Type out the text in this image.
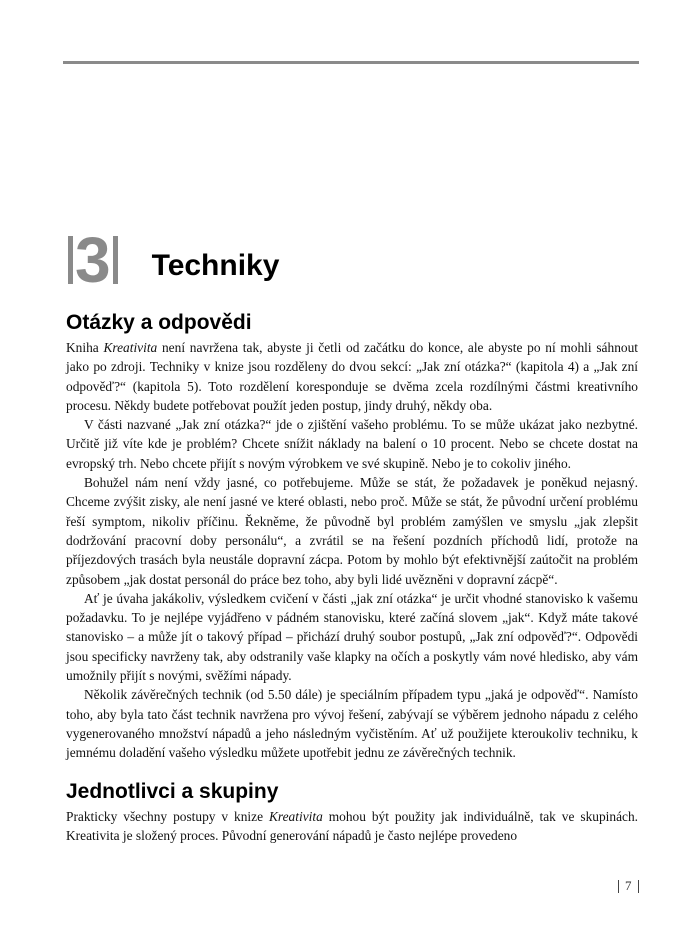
3 Techniky
Otázky a odpovědi

Kniha Kreativita není navržena tak, abyste ji četli od začátku do konce, ale abyste po ní mohli sáhnout jako po zdroji. Techniky v knize jsou rozděleny do dvou sekcí: „Jak zní otázka?“ (kapitola 4) a „Jak zní odpověď?“ (kapitola 5). Toto rozdělení koresponduje se dvěma zcela rozdílnými částmi kreativního procesu. Někdy budete potřebovat použít jeden postup, jindy druhý, někdy oba.

V části nazvané „Jak zní otázka?“ jde o zjištění vašeho problému. To se může ukázat jako nezbytné. Určitě již víte kde je problém? Chcete snížit náklady na balení o 10 procent. Nebo se chcete dostat na evropský trh. Nebo chcete přijít s novým výrobkem ve své skupině. Nebo je to cokoliv jiného.

Bohužel nám není vždy jasné, co potřebujeme. Může se stát, že požadavek je poněkud nejasný. Chceme zvýšit zisky, ale není jasné ve které oblasti, nebo proč. Může se stát, že původní určení problému řeší symptom, nikoliv příčinu. Řekněme, že původně byl problém zamýšlen ve smyslu „jak zlepšit dodržování pracovní doby personálu“, a zvrátil se na řešení pozdních příchodů lidí, protože na příjezdových trasách byla neustále dopravní zácpa. Potom by mohlo být efektivnější zaútočit na problém způsobem „jak dostat personál do práce bez toho, aby byli lidé uvězněni v dopravní zácpě“.

Ať je úvaha jakákoliv, výsledkem cvičení v části „jak zní otázka“ je určit vhodné stanovisko k vašemu požadavku. To je nejlépe vyjádřeno v pádném stanovisku, které začíná slovem „jak“. Když máte takové stanovisko – a může jít o takový případ – přichází druhý soubor postupů, „Jak zní odpověď?“. Odpovědi jsou specificky navrženy tak, aby odstranily vaše klapky na očích a poskytly vám nové hledisko, aby vám umožnily přijít s novými, svěžími nápady.

Několik závěrečných technik (od 5.50 dále) je speciálním případem typu „jaká je odpověď“. Namísto toho, aby byla tato část technik navržena pro vývoj řešení, zabývají se výběrem jednoho nápadu z celého vygenerovaného množství nápadů a jeho následným vyčistěním. Ať už použijete kteroukoliv techniku, k jemnému doladění vašeho výsledku můžete upotřebit jednu ze závěrečných technik.

Jednotlivci a skupiny

Prakticky všechny postupy v knize Kreativita mohou být použity jak individuálně, tak ve skupinách. Kreativita je složený proces. Původní generování nápadů je často nejlépe provedeno

7
